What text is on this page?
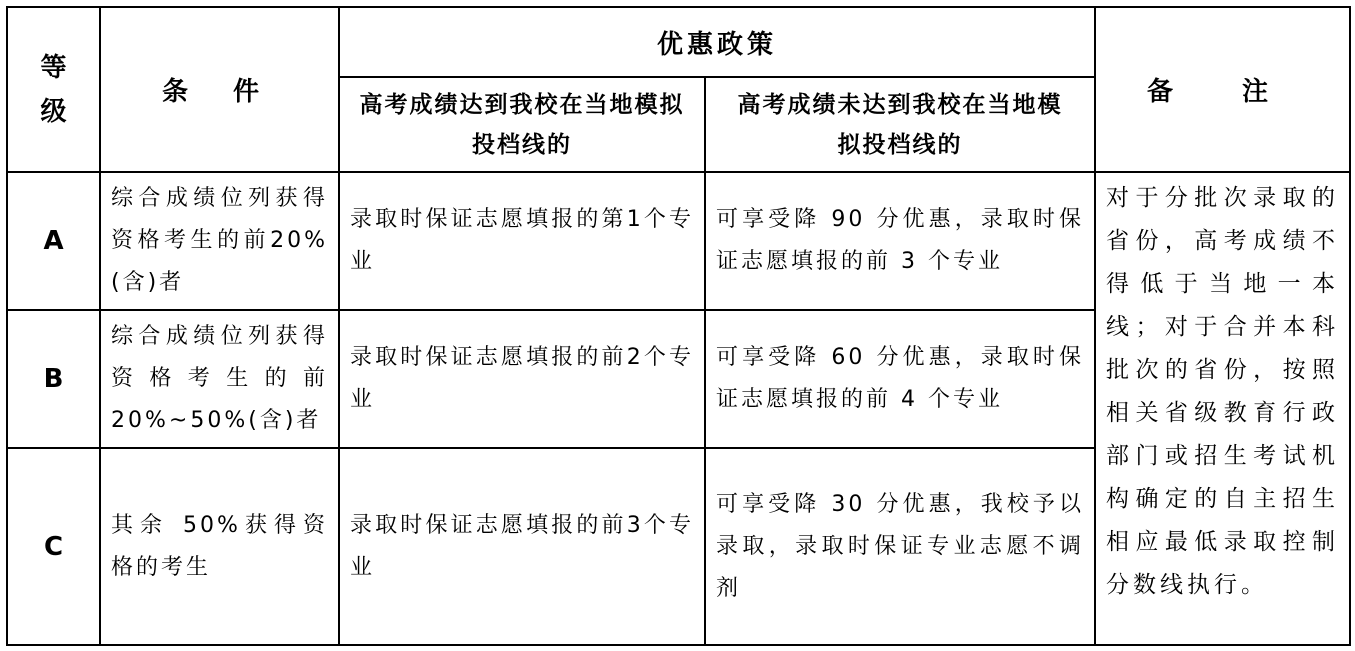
等级	条 件	优惠政策		备 注

		高考成绩达到我校在当地模拟投档线的	高考成绩未达到我校在当地模拟投档线的	

A	综合成绩位列获得资格考生的前20%(含)者	录取时保证志愿填报的第1个专业	可享受降 90 分优惠，录取时保证志愿填报的前 3 个专业	对于分批次录取的省份，高考成绩不得低于当地一本线；对于合并本科批次的省份，按照相关省级教育行政部门或招生考试机构确定的自主招生相应最低录取控制分数线执行。
B	综合成绩位列获得资格考生的前20%~50%(含)者	录取时保证志愿填报的前2个专业	可享受降 60 分优惠，录取时保证志愿填报的前 4 个专业	
C	其余 50%获得资格的考生	录取时保证志愿填报的前3个专业	可享受降 30 分优惠，我校予以录取，录取时保证专业志愿不调剂	
